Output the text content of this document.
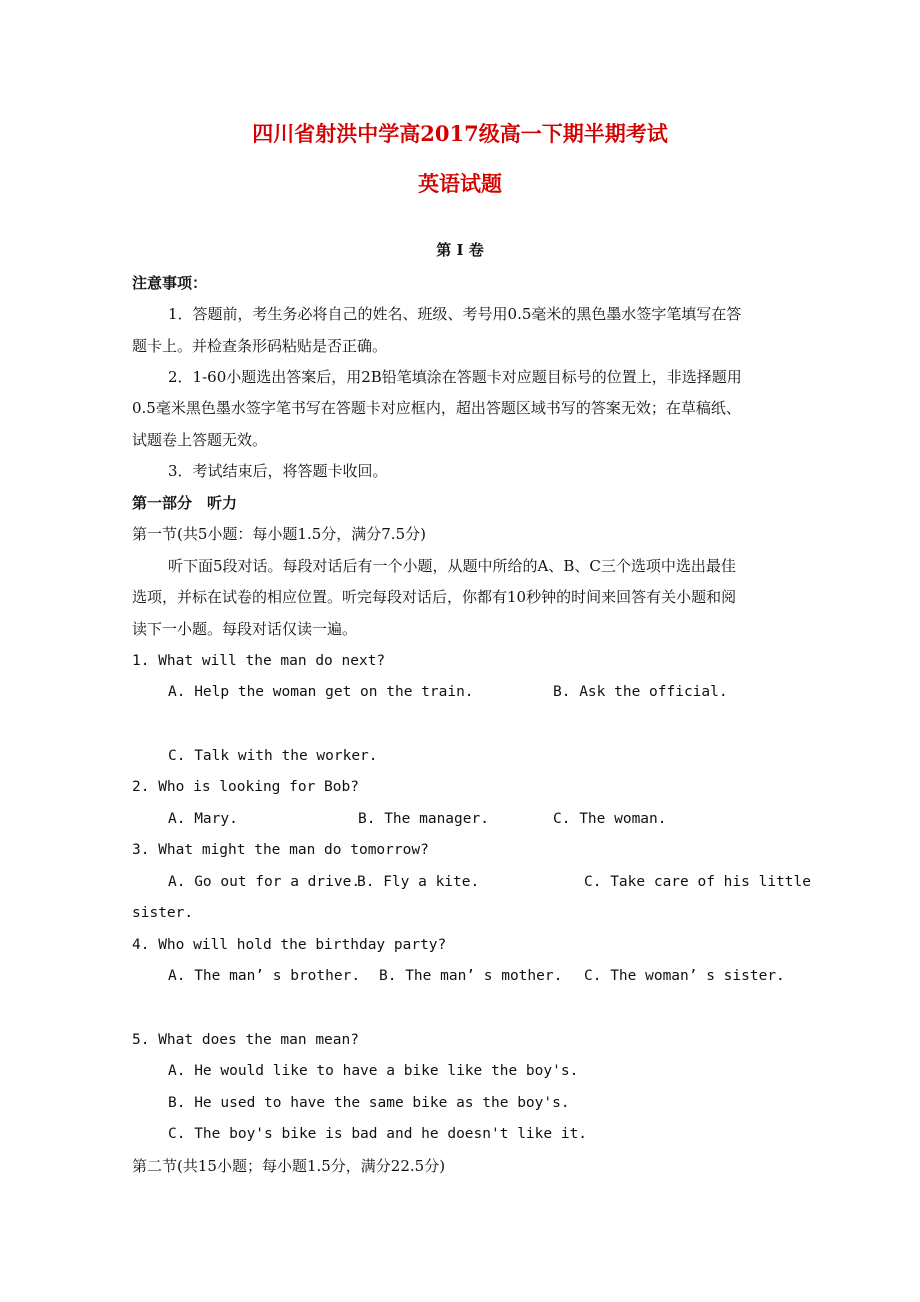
四川省射洪中学高2017级高一下期半期考试
英语试题
第 I 卷
注意事项：
1．答题前，考生务必将自己的姓名、班级、考号用0.5毫米的黑色墨水签字笔填写在答
题卡上。并检查条形码粘贴是否正确。
2．1-60小题选出答案后，用2B铅笔填涂在答题卡对应题目标号的位置上，非选择题用
0.5毫米黑色墨水签字笔书写在答题卡对应框内，超出答题区域书写的答案无效；在草稿纸、
试题卷上答题无效。
3．考试结束后，将答题卡收回。
第一部分　听力
第一节(共5小题：每小题1.5分，满分7.5分)
听下面5段对话。每段对话后有一个小题，从题中所给的A、B、C三个选项中选出最佳
选项，并标在试卷的相应位置。听完每段对话后，你都有10秒钟的时间来回答有关小题和阅
读下一小题。每段对话仅读一遍。
1. What will the man do next?
A. Help the woman get on the train.	B. Ask the official.
C. Talk with the worker.
2. Who is looking for Bob?
A. Mary.	B. The manager.	C. The woman.
3. What might the man do tomorrow?
A. Go out for a drive.
B. Fly a kite.	C. Take care of his little
sister.
4. Who will hold the birthday party?
A. The man’ s brother. B. The man’ s mother. C. The woman’ s sister.
5. What does the man mean?
A. He would like to have a bike like the boy's.
B. He used to have the same bike as the boy's.
C. The boy's bike is bad and he doesn't like it.
第二节(共15小题；每小题1.5分，满分22.5分)
